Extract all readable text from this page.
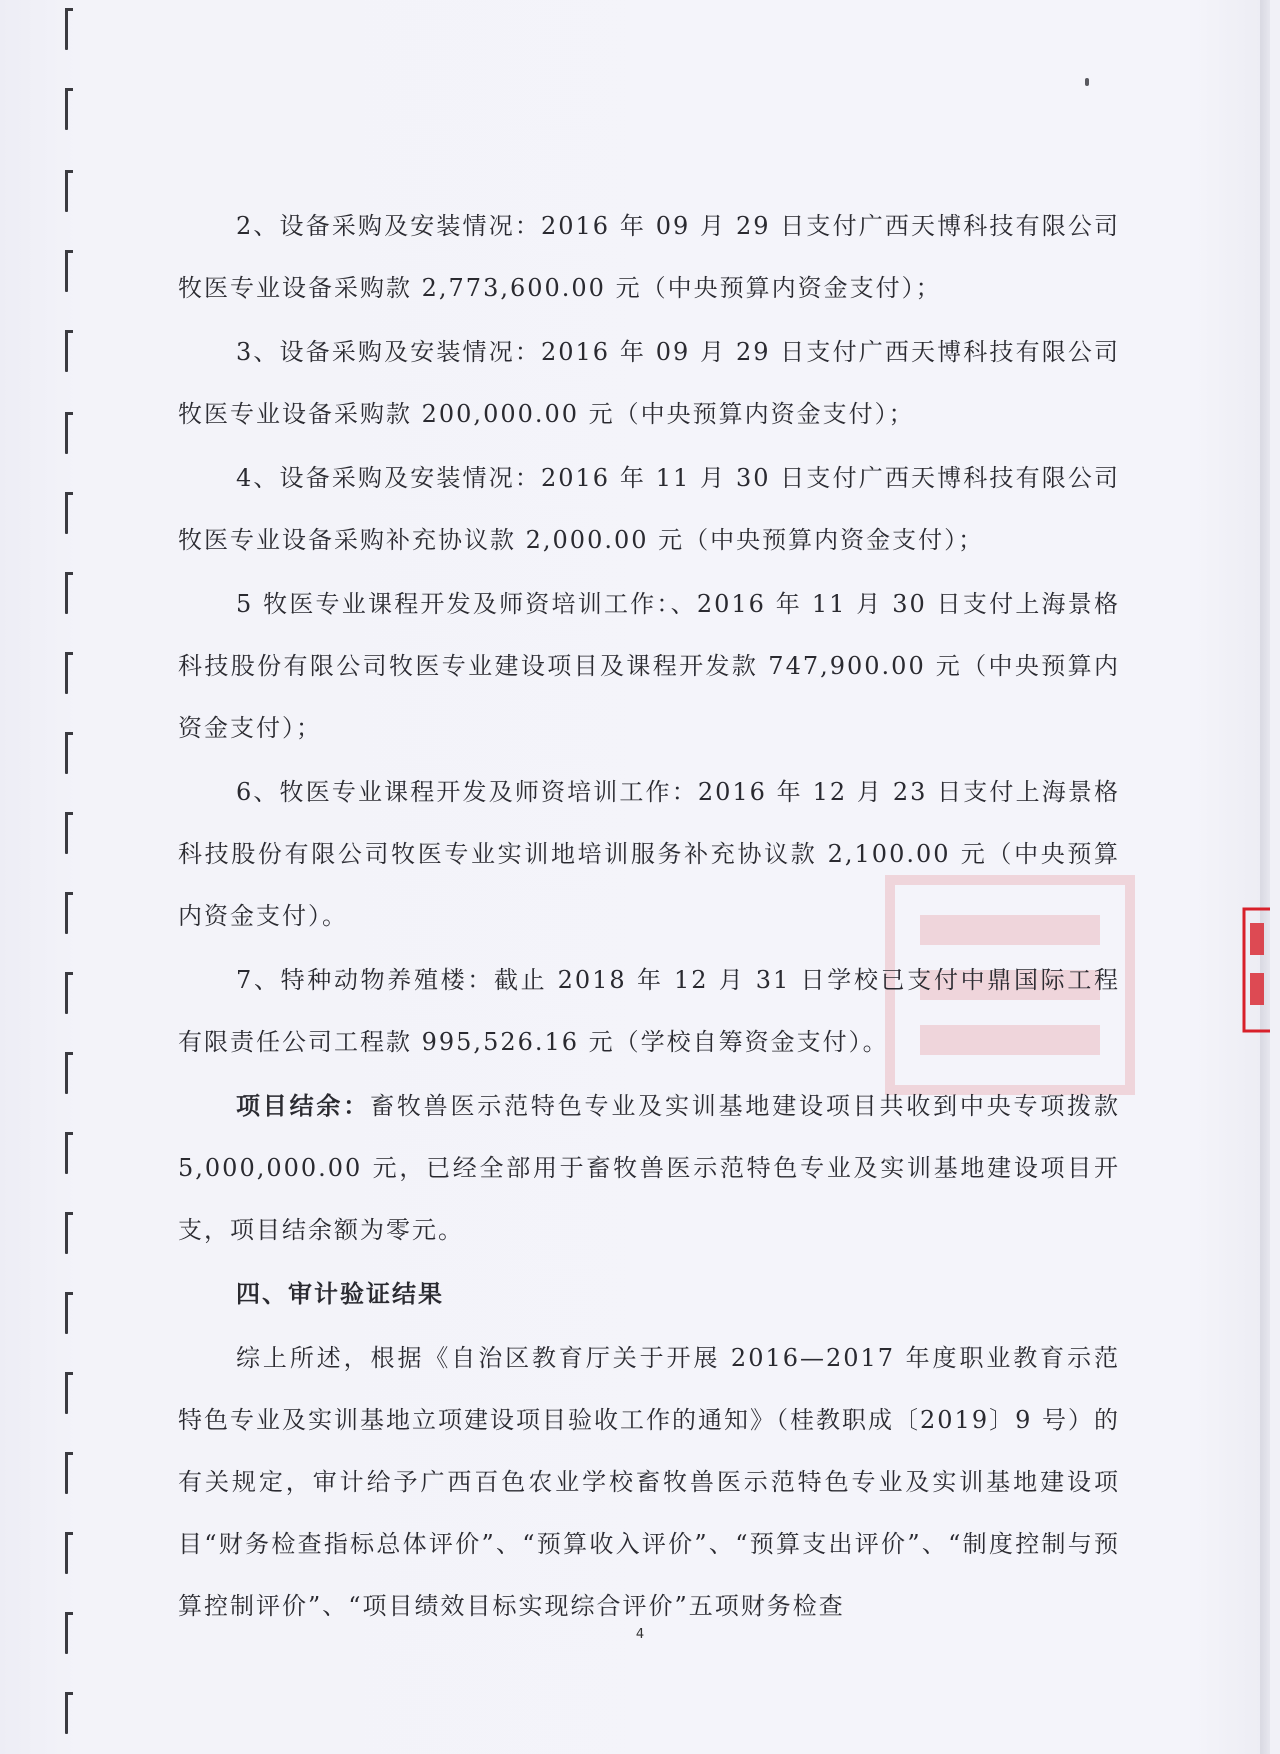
2、设备采购及安装情况：2016 年 09 月 29 日支付广西天博科技有限公司牧医专业设备采购款 2,773,600.00 元（中央预算内资金支付）；

3、设备采购及安装情况：2016 年 09 月 29 日支付广西天博科技有限公司牧医专业设备采购款 200,000.00 元（中央预算内资金支付）；

4、设备采购及安装情况：2016 年 11 月 30 日支付广西天博科技有限公司牧医专业设备采购补充协议款 2,000.00 元（中央预算内资金支付）；

5 牧医专业课程开发及师资培训工作：、2016 年 11 月 30 日支付上海景格科技股份有限公司牧医专业建设项目及课程开发款 747,900.00 元（中央预算内资金支付）；

6、牧医专业课程开发及师资培训工作：2016 年 12 月 23 日支付上海景格科技股份有限公司牧医专业实训地培训服务补充协议款 2,100.00 元（中央预算内资金支付）。

7、特种动物养殖楼：截止 2018 年 12 月 31 日学校已支付中鼎国际工程有限责任公司工程款 995,526.16 元（学校自筹资金支付）。

项目结余：畜牧兽医示范特色专业及实训基地建设项目共收到中央专项拨款 5,000,000.00 元，已经全部用于畜牧兽医示范特色专业及实训基地建设项目开支，项目结余额为零元。

四、审计验证结果

综上所述，根据《自治区教育厅关于开展 2016—2017 年度职业教育示范特色专业及实训基地立项建设项目验收工作的通知》（桂教职成〔2019〕9 号）的有关规定，审计给予广西百色农业学校畜牧兽医示范特色专业及实训基地建设项目“财务检查指标总体评价”、“预算收入评价”、“预算支出评价”、“制度控制与预算控制评价”、“项目绩效目标实现综合评价”五项财务检查

4
